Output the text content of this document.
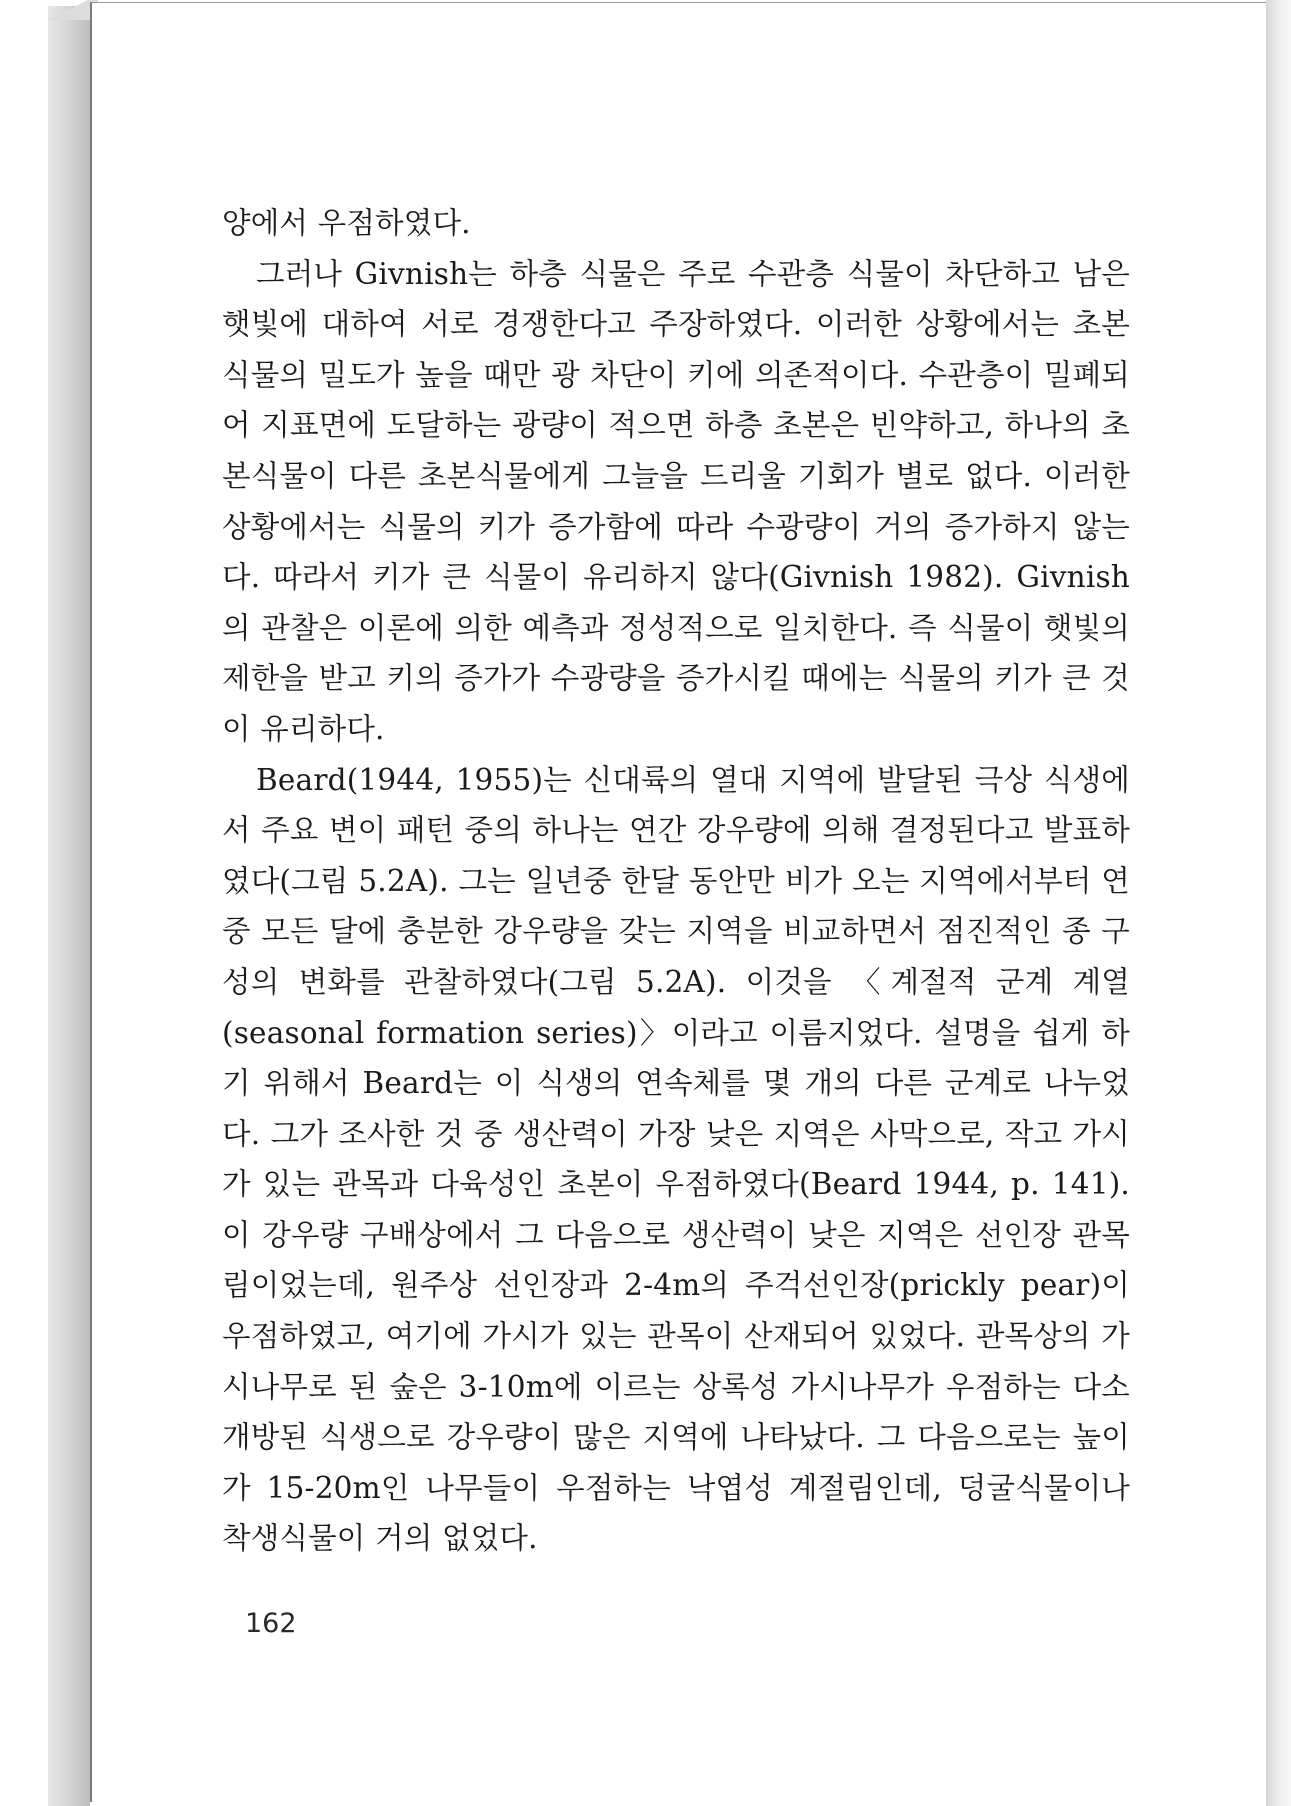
양에서 우점하였다.

그러나 Givnish는 하층 식물은 주로 수관층 식물이 차단하고 남은 햇빛에 대하여 서로 경쟁한다고 주장하였다. 이러한 상황에서는 초본식물의 밀도가 높을 때만 광 차단이 키에 의존적이다. 수관층이 밀폐되어 지표면에 도달하는 광량이 적으면 하층 초본은 빈약하고, 하나의 초본식물이 다른 초본식물에게 그늘을 드리울 기회가 별로 없다. 이러한 상황에서는 식물의 키가 증가함에 따라 수광량이 거의 증가하지 않는다. 따라서 키가 큰 식물이 유리하지 않다(Givnish 1982). Givnish의 관찰은 이론에 의한 예측과 정성적으로 일치한다. 즉 식물이 햇빛의 제한을 받고 키의 증가가 수광량을 증가시킬 때에는 식물의 키가 큰 것이 유리하다.

Beard(1944, 1955)는 신대륙의 열대 지역에 발달된 극상 식생에서 주요 변이 패턴 중의 하나는 연간 강우량에 의해 결정된다고 발표하였다(그림 5.2A). 그는 일년중 한달 동안만 비가 오는 지역에서부터 연중 모든 달에 충분한 강우량을 갖는 지역을 비교하면서 점진적인 종 구성의 변화를 관찰하였다(그림 5.2A). 이것을 〈계절적 군계 계열(seasonal formation series)〉이라고 이름지었다. 설명을 쉽게 하기 위해서 Beard는 이 식생의 연속체를 몇 개의 다른 군계로 나누었다. 그가 조사한 것 중 생산력이 가장 낮은 지역은 사막으로, 작고 가시가 있는 관목과 다육성인 초본이 우점하였다(Beard 1944, p. 141). 이 강우량 구배상에서 그 다음으로 생산력이 낮은 지역은 선인장 관목림이었는데, 원주상 선인장과 2-4m의 주걱선인장(prickly pear)이 우점하였고, 여기에 가시가 있는 관목이 산재되어 있었다. 관목상의 가시나무로 된 숲은 3-10m에 이르는 상록성 가시나무가 우점하는 다소 개방된 식생으로 강우량이 많은 지역에 나타났다. 그 다음으로는 높이가 15-20m인 나무들이 우점하는 낙엽성 계절림인데, 덩굴식물이나 착생식물이 거의 없었다.

162
